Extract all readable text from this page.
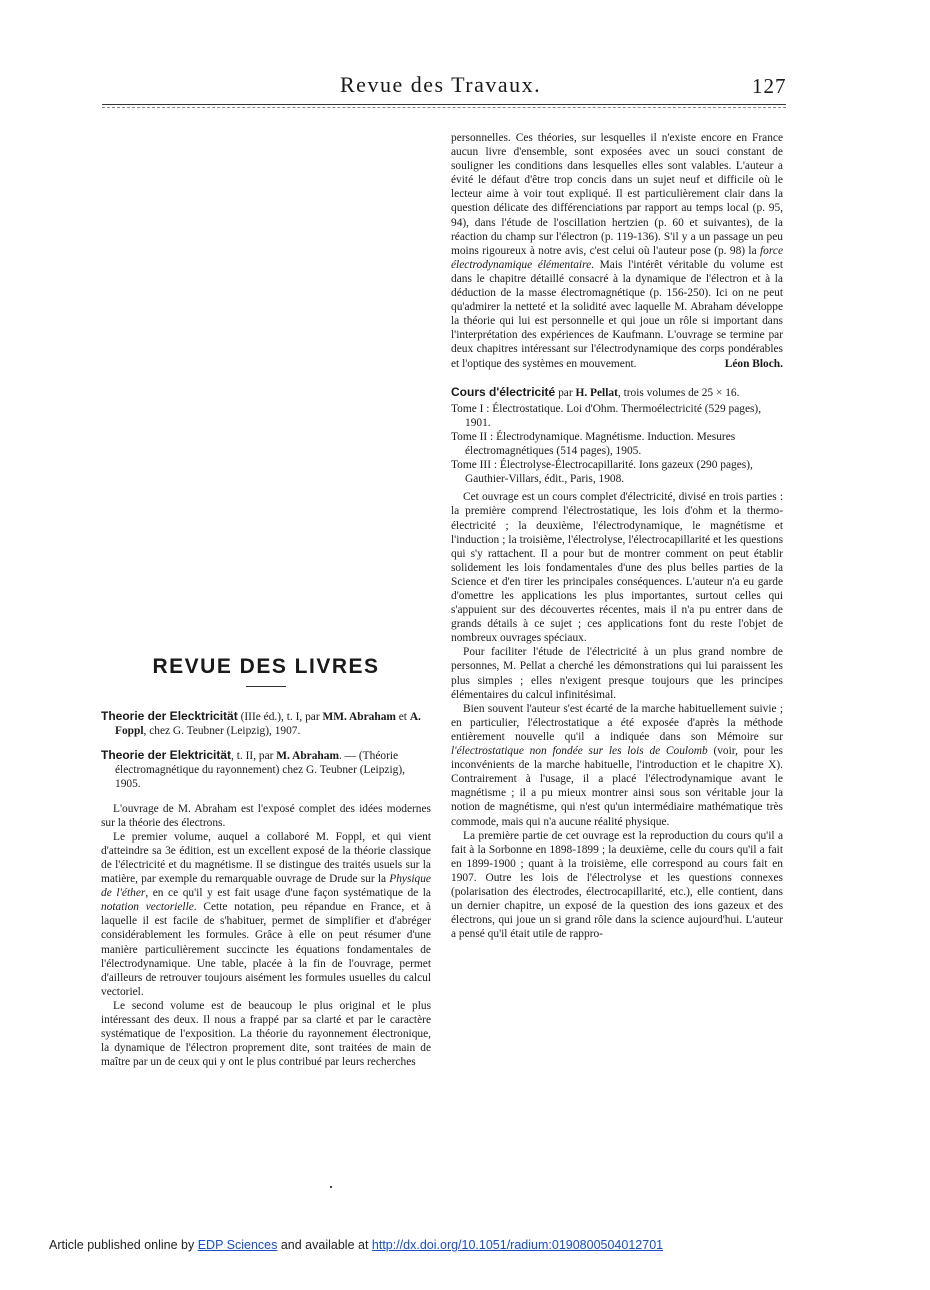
Revue des Travaux.	127
REVUE DES LIVRES

Theorie der Elecktricität (IIIe éd.), t. I, par MM. Abraham et A. Foppl, chez G. Teubner (Leipzig), 1907.

Theorie der Elektricität, t. II, par M. Abraham. — (Théorie électromagnétique du rayonnement) chez G. Teubner (Leipzig), 1905.

L'ouvrage de M. Abraham est l'exposé complet des idées modernes sur la théorie des électrons.

Le premier volume, auquel a collaboré M. Foppl, et qui vient d'atteindre sa 3e édition, est un excellent exposé de la théorie classique de l'électricité et du magnétisme. Il se distingue des traités usuels sur la matière, par exemple du remarquable ouvrage de Drude sur la Physique de l'éther, en ce qu'il y est fait usage d'une façon systématique de la notation vectorielle. Cette notation, peu répandue en France, et à laquelle il est facile de s'habituer, permet de simplifier et d'abréger considérablement les formules. Grâce à elle on peut résumer d'une manière particulièrement succincte les équations fondamentales de l'électrodynamique. Une table, placée à la fin de l'ouvrage, permet d'ailleurs de retrouver toujours aisément les formules usuelles du calcul vectoriel.

Le second volume est de beaucoup le plus original et le plus intéressant des deux. Il nous a frappé par sa clarté et par le caractère systématique de l'exposition. La théorie du rayonnement électronique, la dynamique de l'électron proprement dite, sont traitées de main de maître par un de ceux qui y ont le plus contribué par leurs recherches

personnelles. Ces théories, sur lesquelles il n'existe encore en France aucun livre d'ensemble, sont exposées avec un souci constant de souligner les conditions dans lesquelles elles sont valables. L'auteur a évité le défaut d'être trop concis dans un sujet neuf et difficile où le lecteur aime à voir tout expliqué. Il est particulièrement clair dans la question délicate des différenciations par rapport au temps local (p. 95, 94), dans l'étude de l'oscillation hertzien (p. 60 et suivantes), de la réaction du champ sur l'électron (p. 119-136). S'il y a un passage un peu moins rigoureux à notre avis, c'est celui où l'auteur pose (p. 98) la force électrodynamique élémentaire. Mais l'intérêt véritable du volume est dans le chapitre détaillé consacré à la dynamique de l'électron et à la déduction de la masse électromagnétique (p. 156-250). Ici on ne peut qu'admirer la netteté et la solidité avec laquelle M. Abraham développe la théorie qui lui est personnelle et qui joue un rôle si important dans l'interprétation des expériences de Kaufmann. L'ouvrage se termine par deux chapitres intéressant sur l'électrodynamique des corps pondérables et l'optique des systèmes en mouvement.	Léon Bloch.

Cours d'électricité par H. Pellat, trois volumes de 25 × 16.

Tome I : Électrostatique. Loi d'Ohm. Thermoélectricité (529 pages), 1901.

Tome II : Électrodynamique. Magnétisme. Induction. Mesures électromagnétiques (514 pages), 1905.

Tome III : Électrolyse-Électrocapillarité. Ions gazeux (290 pages), Gauthier-Villars, édit., Paris, 1908.

Cet ouvrage est un cours complet d'électricité, divisé en trois parties : la première comprend l'électrostatique, les lois d'ohm et la thermo-électricité ; la deuxième, l'électrodynamique, le magnétisme et l'induction ; la troisième, l'électrolyse, l'électrocapillarité et les questions qui s'y rattachent. Il a pour but de montrer comment on peut établir solidement les lois fondamentales d'une des plus belles parties de la Science et d'en tirer les principales conséquences. L'auteur n'a eu garde d'omettre les applications les plus importantes, surtout celles qui s'appuient sur des découvertes récentes, mais il n'a pu entrer dans de grands détails à ce sujet ; ces applications font du reste l'objet de nombreux ouvrages spéciaux.

Pour faciliter l'étude de l'électricité à un plus grand nombre de personnes, M. Pellat a cherché les démonstrations qui lui paraissent les plus simples ; elles n'exigent presque toujours que les principes élémentaires du calcul infinitésimal.

Bien souvent l'auteur s'est écarté de la marche habituellement suivie ; en particulier, l'électrostatique a été exposée d'après la méthode entièrement nouvelle qu'il a indiquée dans son Mémoire sur l'électrostatique non fondée sur les lois de Coulomb (voir, pour les inconvénients de la marche habituelle, l'introduction et le chapitre X). Contrairement à l'usage, il a placé l'électrodynamique avant le magnétisme ; il a pu mieux montrer ainsi sous son véritable jour la notion de magnétisme, qui n'est qu'un intermédiaire mathématique très commode, mais qui n'a aucune réalité physique.

La première partie de cet ouvrage est la reproduction du cours qu'il a fait à la Sorbonne en 1898-1899 ; la deuxième, celle du cours qu'il a fait en 1899-1900 ; quant à la troisième, elle correspond au cours fait en 1907. Outre les lois de l'électrolyse et les questions connexes (polarisation des électrodes, électrocapillarité, etc.), elle contient, dans un dernier chapitre, un exposé de la question des ions gazeux et des électrons, qui joue un si grand rôle dans la science aujourd'hui. L'auteur a pensé qu'il était utile de rappro-

Article published online by EDP Sciences and available at http://dx.doi.org/10.1051/radium:0190800504012701
